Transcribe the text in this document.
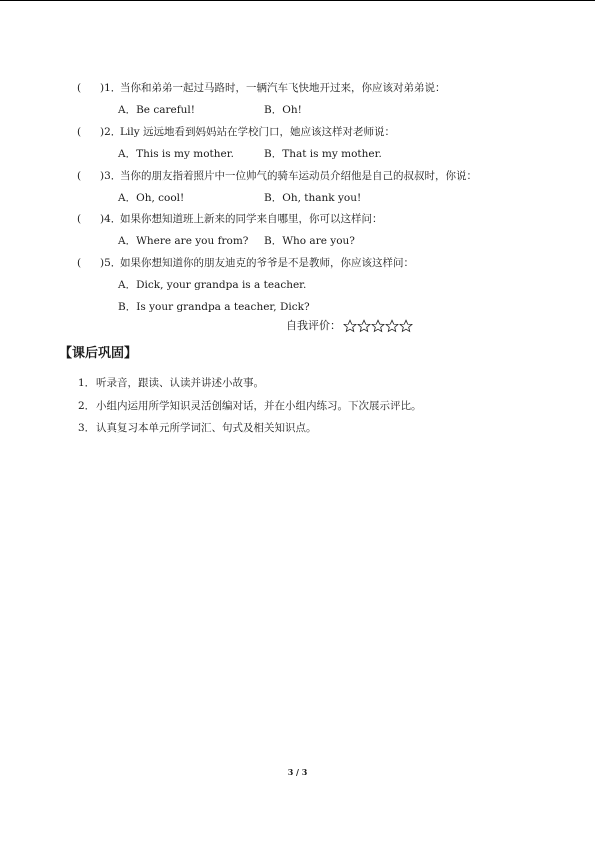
( )1．
当你和弟弟一起过马路时，一辆汽车飞快地开过来，你应该对弟弟说：
A．Be careful!	B．Oh!
( )2．
Lily 远远地看到妈妈站在学校门口，她应该这样对老师说：
A．This is my mother.	B．That is my mother.
( )3．
当你的朋友指着照片中一位帅气的骑车运动员介绍他是自己的叔叔时，你说：
A．Oh, cool!	B．Oh, thank you!
( )4．
如果你想知道班上新来的同学来自哪里，你可以这样问：
A．Where are you from? B．Who are you?
( )5．
如果你想知道你的朋友迪克的爷爷是不是教师，你应该这样问：
A．Dick, your grandpa is a teacher.
B．Is your grandpa a teacher, Dick?
自我评价：
【课后巩固】
1． 听录音，跟读、认读并讲述小故事。
2． 小组内运用所学知识灵活创编对话，并在小组内练习。下次展示评比。
3． 认真复习本单元所学词汇、句式及相关知识点。
3 / 3
